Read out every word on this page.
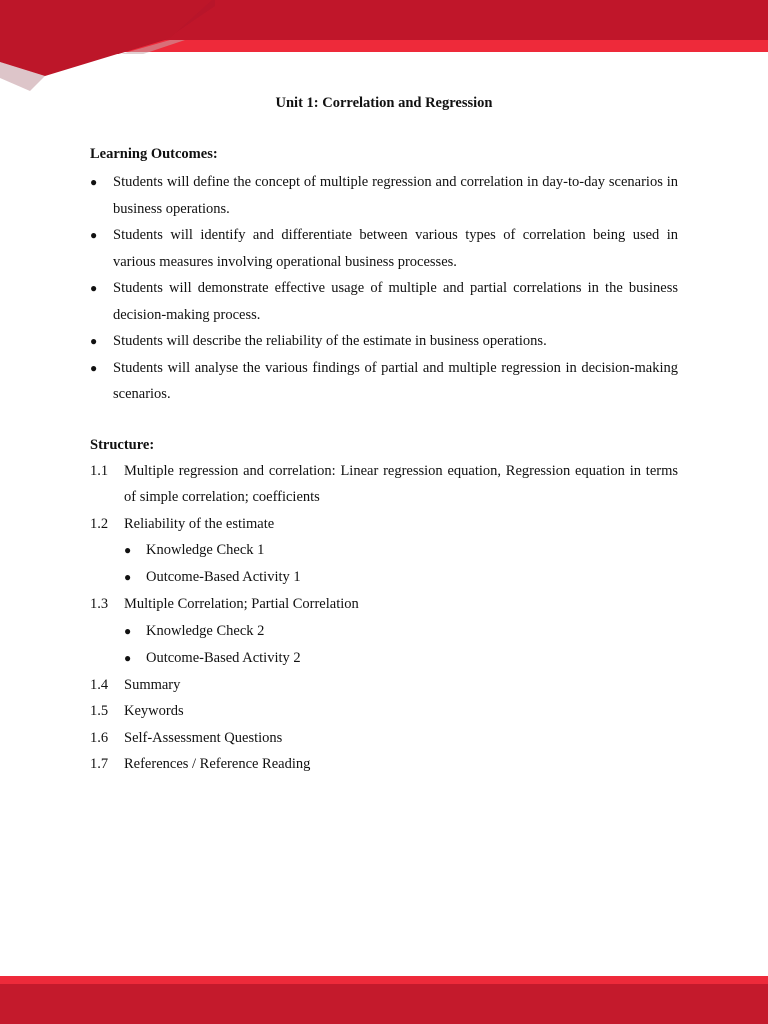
Unit 1: Correlation and Regression

Learning Outcomes:

● Students will define the concept of multiple regression and correlation in day-to-day scenarios in business operations.
● Students will identify and differentiate between various types of correlation being used in various measures involving operational business processes.
● Students will demonstrate effective usage of multiple and partial correlations in the business decision-making process.
● Students will describe the reliability of the estimate in business operations.
● Students will analyse the various findings of partial and multiple regression in decision-making scenarios.

Structure:

1.1 Multiple regression and correlation: Linear regression equation, Regression equation in terms of simple correlation; coefficients
1.2 Reliability of the estimate
● Knowledge Check 1
● Outcome-Based Activity 1
1.3 Multiple Correlation; Partial Correlation
● Knowledge Check 2
● Outcome-Based Activity 2
1.4 Summary
1.5 Keywords
1.6 Self-Assessment Questions
1.7 References / Reference Reading
